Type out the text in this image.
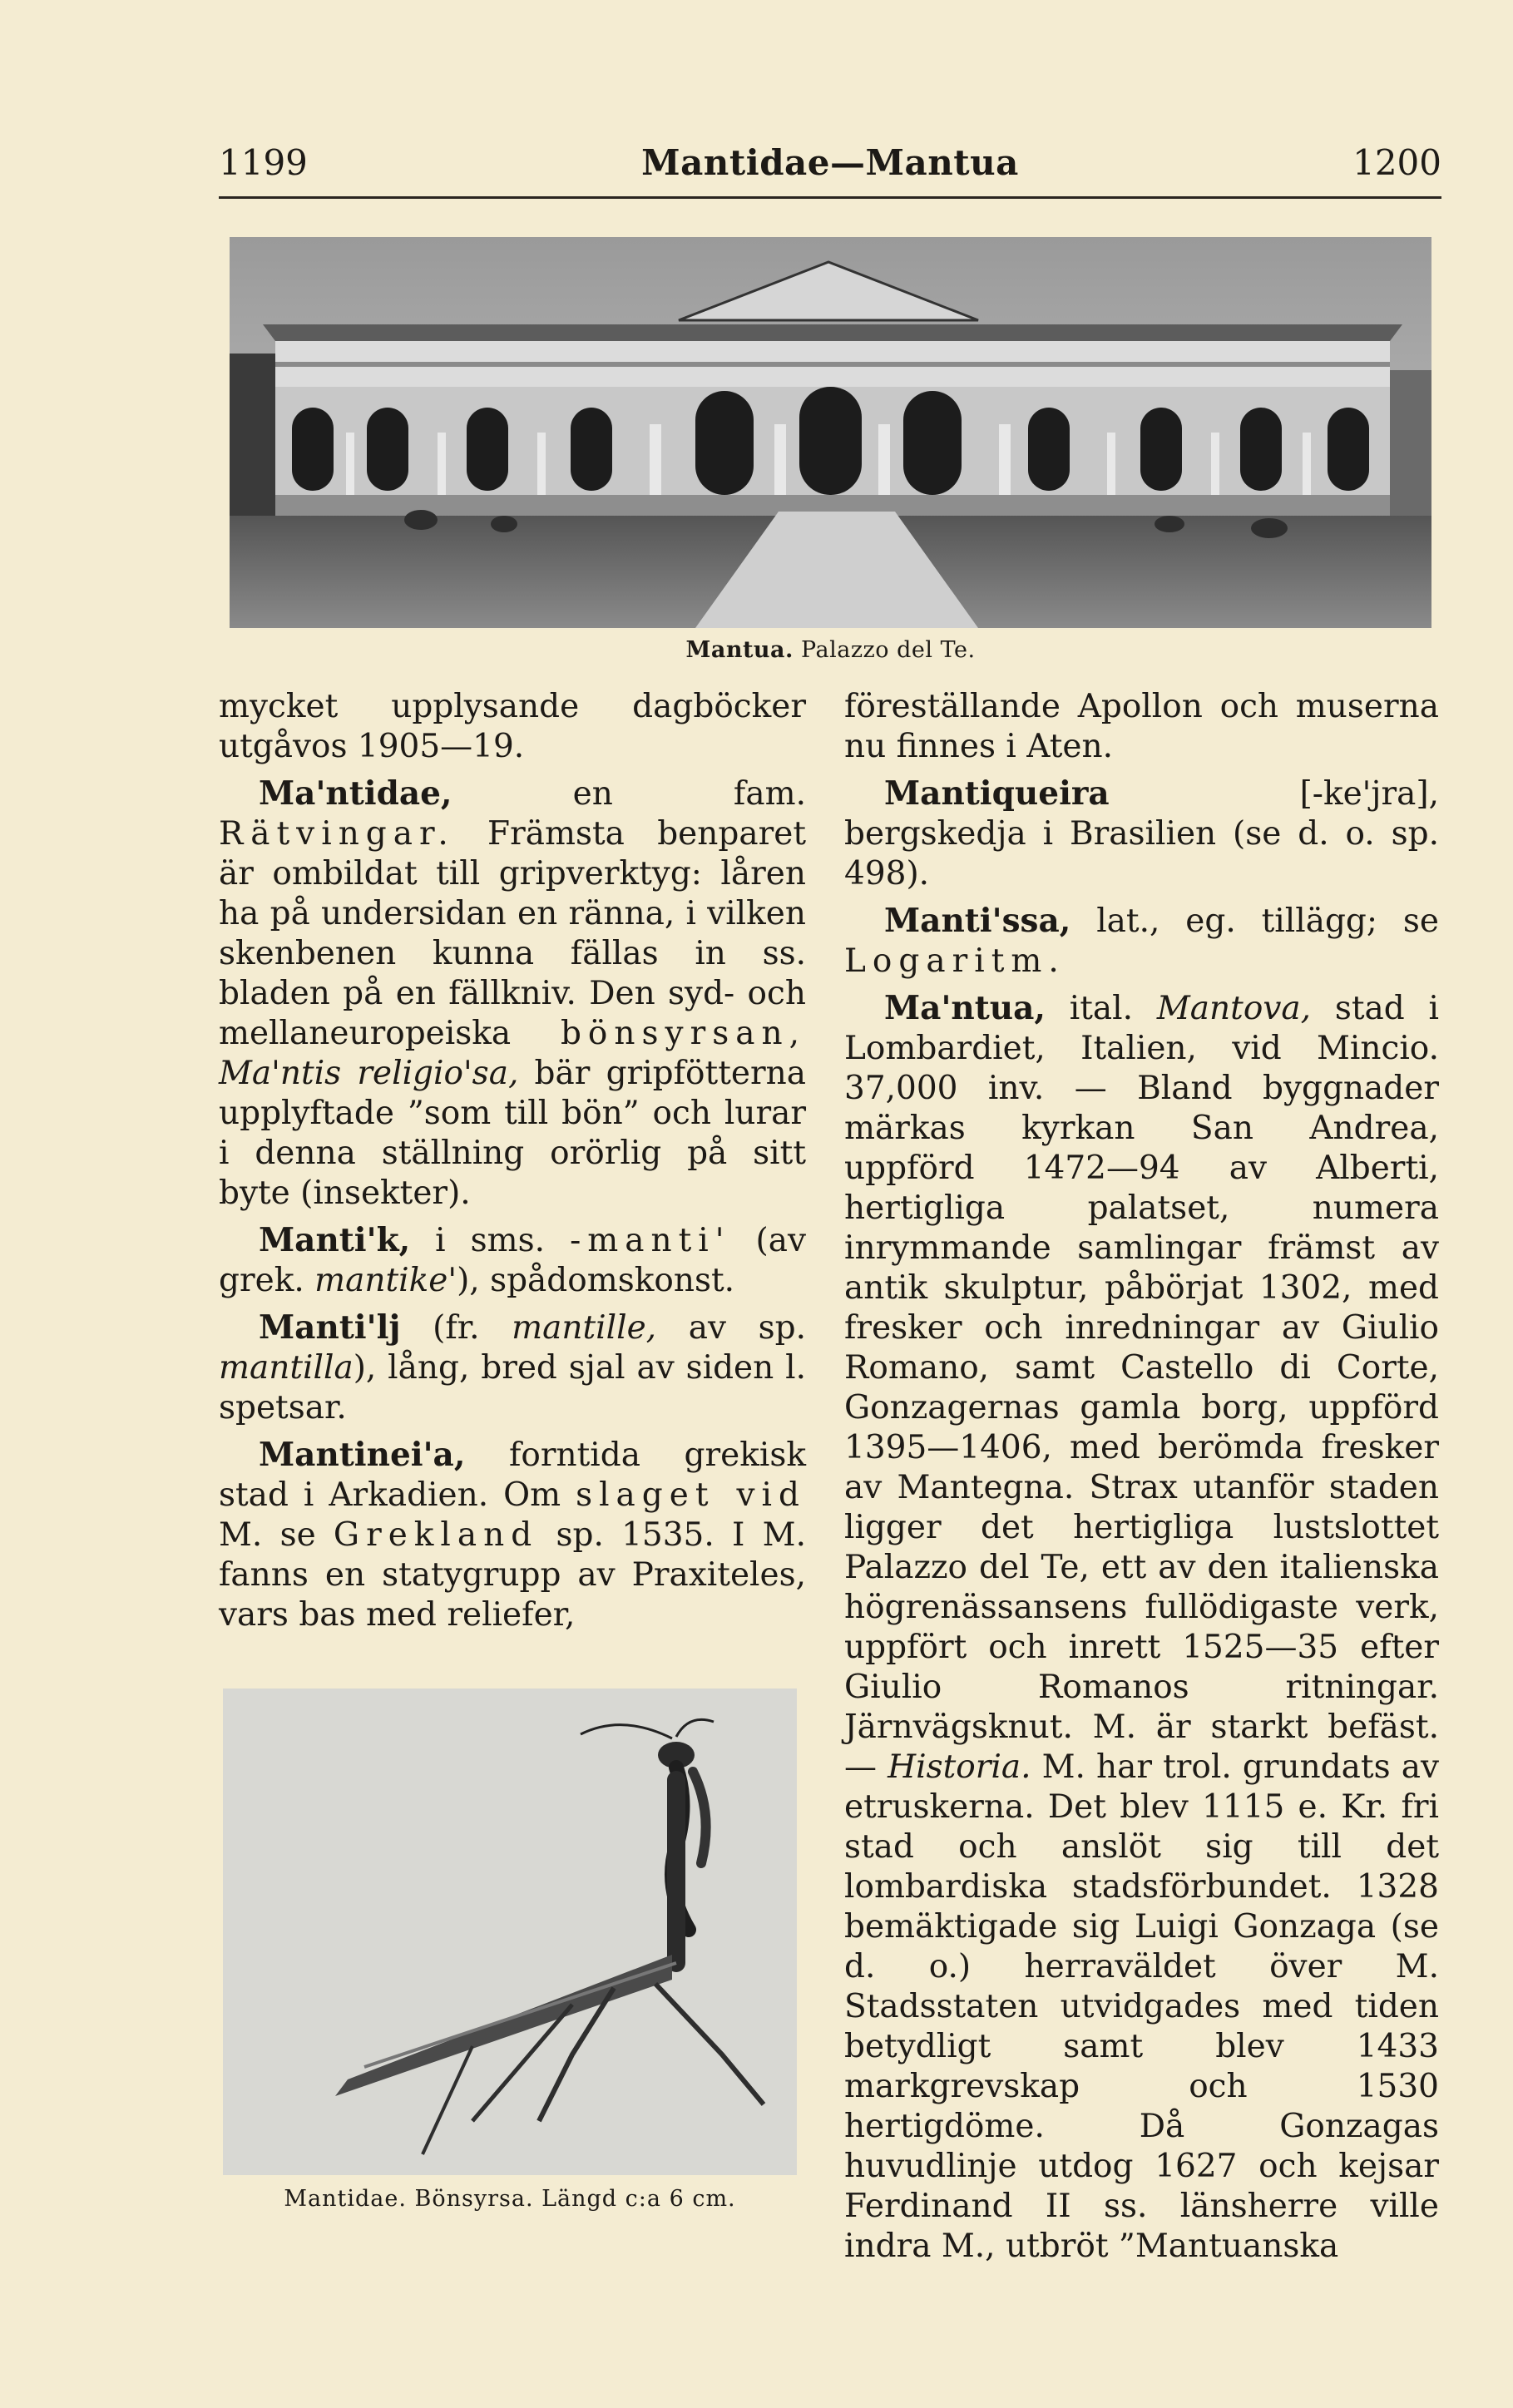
1199	Mantidae—Mantua	1200
Mantua. Palazzo del Te.

mycket upplysande dagböcker utgåvos 1905—19.

Ma'ntidae, en fam. Rätvingar. Främsta benparet är ombildat till gripverktyg: låren ha på undersidan en ränna, i vilken skenbenen kunna fällas in ss. bladen på en fällkniv. Den syd- och mellaneuropeiska bönsyrsan, Ma'ntis religio'sa, bär gripfötterna upplyftade ”som till bön” och lurar i denna ställning orörlig på sitt byte (insekter).

Manti'k, i sms. -manti' (av grek. mantike'), spådomskonst.

Manti'lj (fr. mantille, av sp. mantilla), lång, bred sjal av siden l. spetsar.

Mantinei'a, forntida grekisk stad i Arkadien. Om slaget vid M. se Grekland sp. 1535. I M. fanns en statygrupp av Praxiteles, vars bas med reliefer,

Mantidae. Bönsyrsa. Längd c:a 6 cm.

föreställande Apollon och muserna nu finnes i Aten.

Mantiqueira [-ke'jra], bergskedja i Brasilien (se d. o. sp. 498).

Manti'ssa, lat., eg. tillägg; se Logaritm.

Ma'ntua, ital. Mantova, stad i Lombardiet, Italien, vid Mincio. 37,000 inv. — Bland byggnader märkas kyrkan San Andrea, uppförd 1472—94 av Alberti, hertigliga palatset, numera inrymmande samlingar främst av antik skulptur, påbörjat 1302, med fresker och inredningar av Giulio Romano, samt Castello di Corte, Gonzagernas gamla borg, uppförd 1395—1406, med berömda fresker av Mantegna. Strax utanför staden ligger det hertigliga lustslottet Palazzo del Te, ett av den italienska högrenässansens fullödigaste verk, uppfört och inrett 1525—35 efter Giulio Romanos ritningar. Järnvägsknut. M. är starkt befäst. — Historia. M. har trol. grundats av etruskerna. Det blev 1115 e. Kr. fri stad och anslöt sig till det lombardiska stadsförbundet. 1328 bemäktigade sig Luigi Gonzaga (se d. o.) herraväldet över M. Stadsstaten utvidgades med tiden betydligt samt blev 1433 markgrevskap och 1530 hertigdöme. Då Gonzagas huvudlinje utdog 1627 och kejsar Ferdinand II ss. länsherre ville indra M., utbröt ”Mantuanska
